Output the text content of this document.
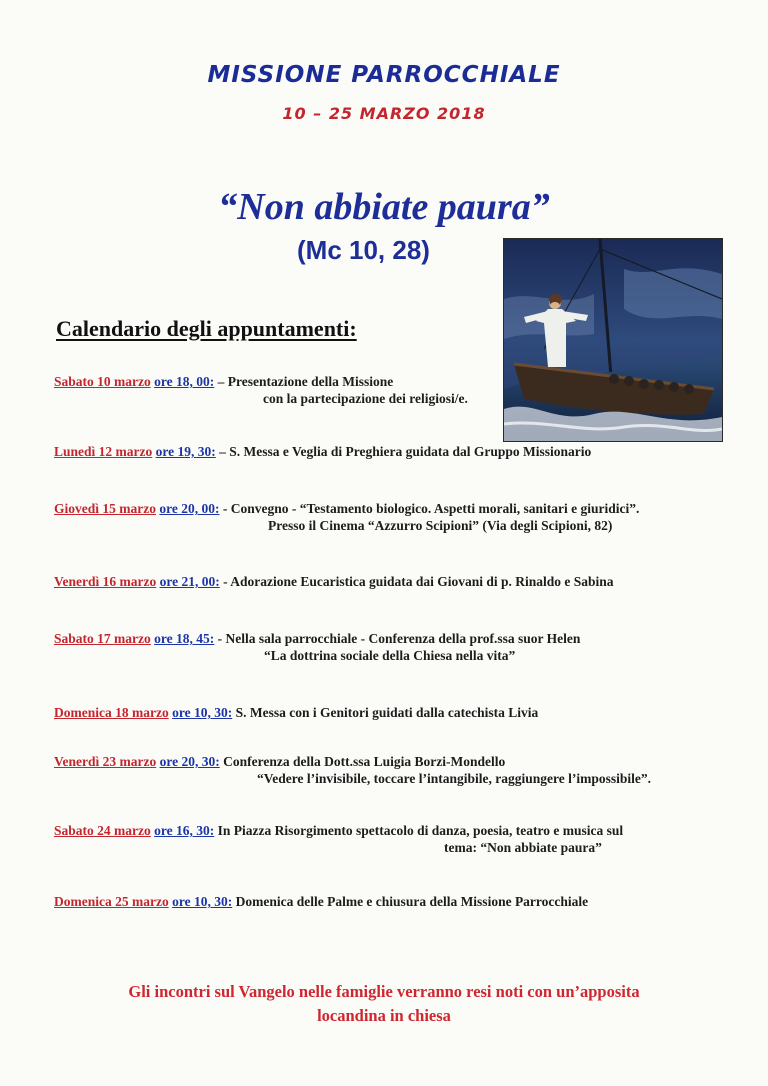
MISSIONE PARROCCHIALE
10 – 25 MARZO 2018
“Non abbiate paura”
(Mc 10, 28)
Calendario degli appuntamenti:
Sabato 10 marzo ore 18, 00: – Presentazione della Missione
con la partecipazione dei religiosi/e.
Lunedì 12 marzo ore 19, 30: – S. Messa e Veglia di Preghiera guidata dal Gruppo Missionario
Giovedì 15 marzo ore 20, 00: - Convegno - “Testamento biologico. Aspetti morali, sanitari e giuridici”.
Presso il Cinema “Azzurro Scipioni” (Via degli Scipioni, 82)
Venerdì 16 marzo ore 21, 00: - Adorazione Eucaristica guidata dai Giovani di p. Rinaldo e Sabina
Sabato 17 marzo ore 18, 45: - Nella sala parrocchiale - Conferenza della prof.ssa suor Helen
“La dottrina sociale della Chiesa nella vita”
Domenica 18 marzo ore 10, 30: S. Messa con i Genitori guidati dalla catechista Livia
Venerdì 23 marzo ore 20, 30: Conferenza della Dott.ssa Luigia Borzi-Mondello
“Vedere l’invisibile, toccare l’intangibile, raggiungere l’impossibile”.
Sabato 24 marzo ore 16, 30: In Piazza Risorgimento spettacolo di danza, poesia, teatro e musica sul
tema: “Non abbiate paura”
Domenica 25 marzo ore 10, 30: Domenica delle Palme e chiusura della Missione Parrocchiale
Gli incontri sul Vangelo nelle famiglie verranno resi noti con un’apposita
locandina in chiesa
